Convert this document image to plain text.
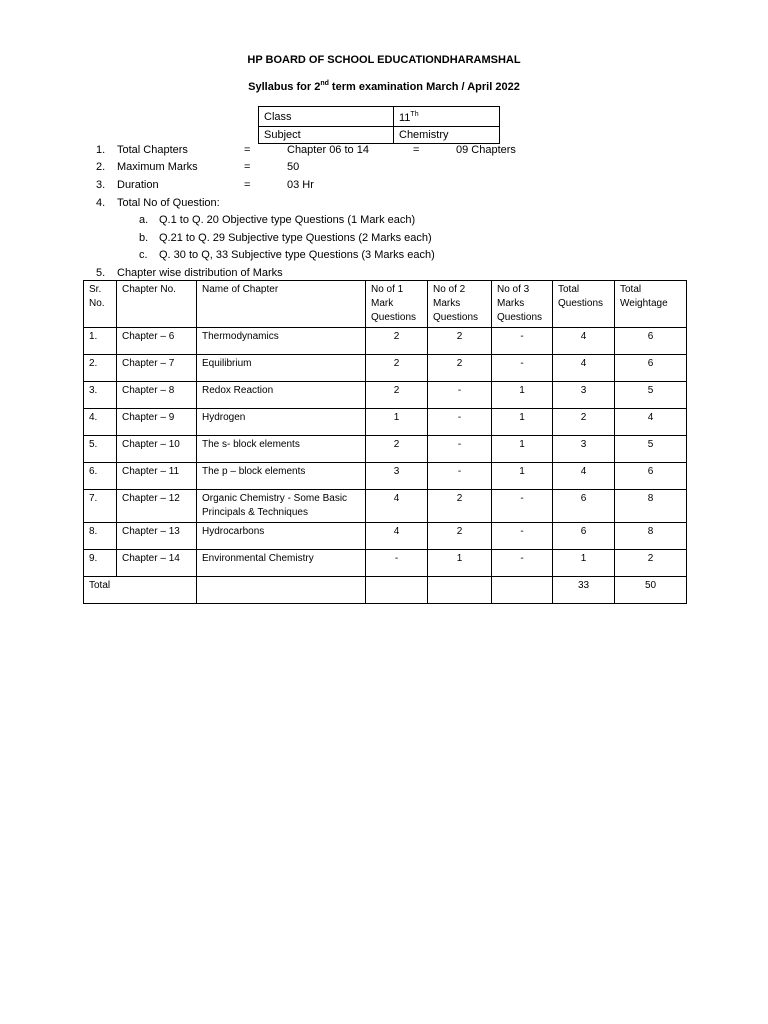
HP BOARD OF SCHOOL EDUCATIONDHARAMSHAL
Syllabus for 2nd term examination March / April 2022
Class	11Th
Subject	Chemistry
1. Total Chapters	=	Chapter 06 to 14	=	09 Chapters
2. Maximum Marks	=	50
3. Duration	=	03 Hr
4. Total No of Question:
a. Q.1 to Q. 20 Objective type Questions (1 Mark each)
b. Q.21 to Q. 29 Subjective type Questions (2 Marks each)
c. Q. 30 to Q, 33 Subjective type Questions (3 Marks each)
5. Chapter wise distribution of Marks
Sr. No.	Chapter No.	Name of Chapter	No of 1 Mark Questions	No of 2 Marks Questions	No of 3 Marks Questions	Total Questions	Total Weightage
1.	Chapter – 6	Thermodynamics	2	2	-	4	6
2.	Chapter – 7	Equilibrium	2	2	-	4	6
3.	Chapter – 8	Redox Reaction	2	-	1	3	5
4.	Chapter – 9	Hydrogen	1	-	1	2	4
5.	Chapter – 10	The s- block elements	2	-	1	3	5
6.	Chapter – 11	The p – block elements	3	-	1	4	6
7.	Chapter – 12	Organic Chemistry - Some Basic Principals & Techniques	4	2	-	6	8
8.	Chapter – 13	Hydrocarbons	4	2	-	6	8
9.	Chapter – 14	Environmental Chemistry	-	1	-	1	2
Total						33	50
